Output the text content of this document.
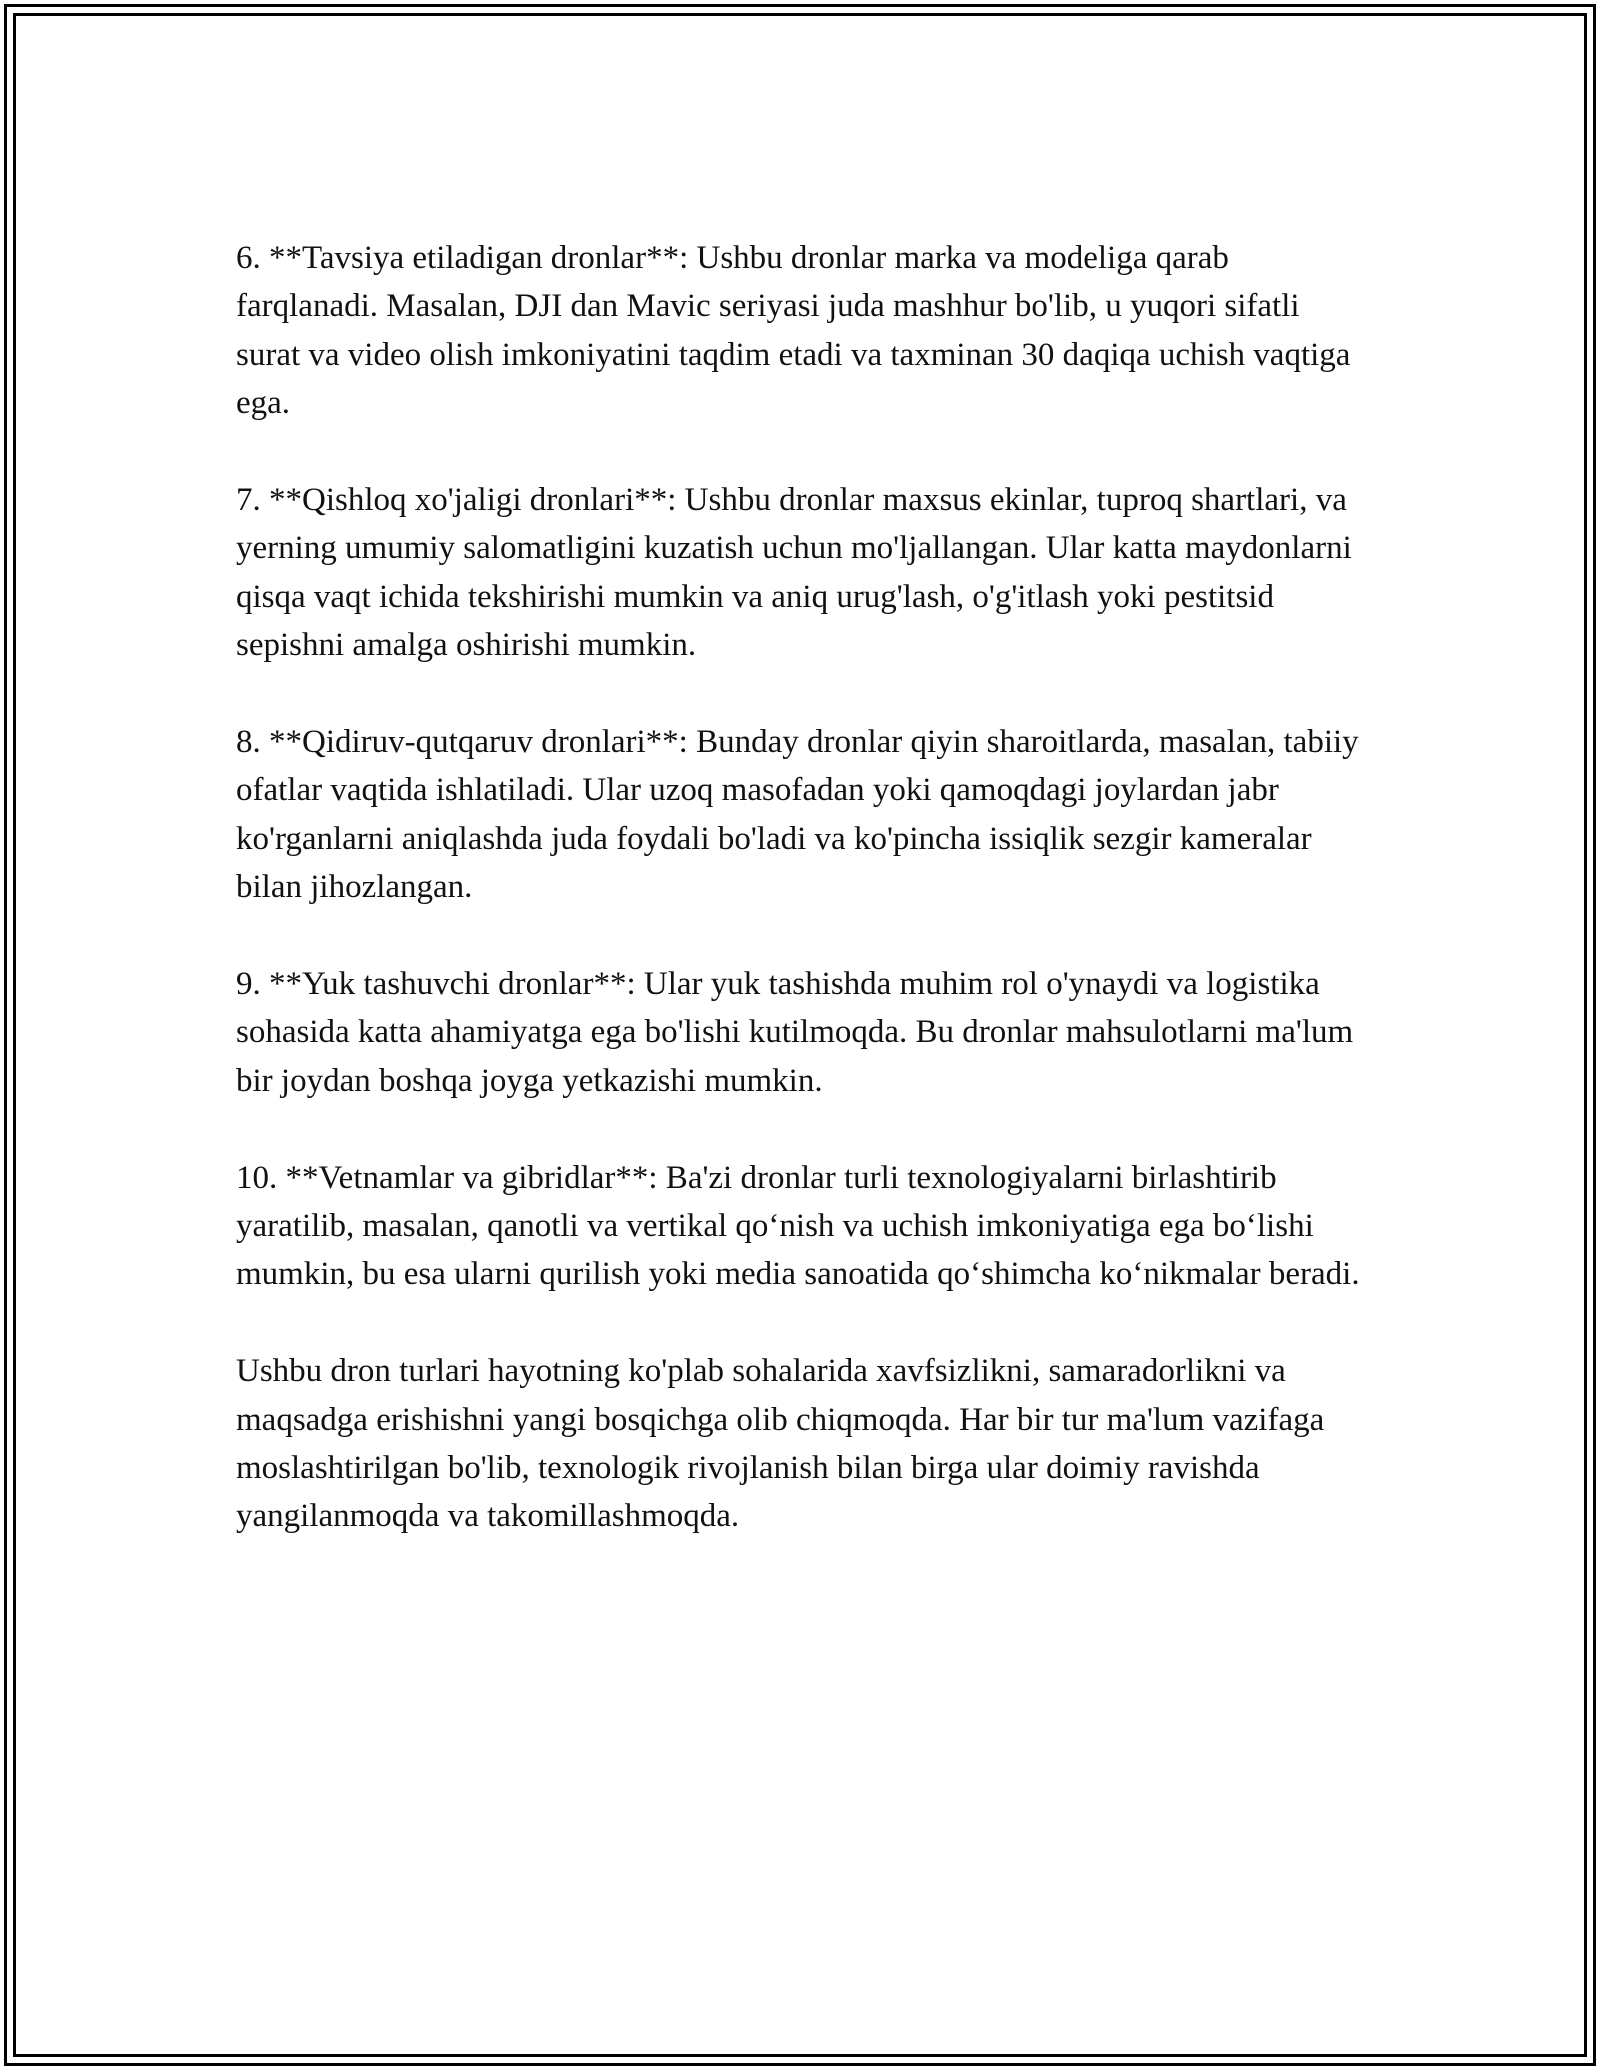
6. **Tavsiya etiladigan dronlar**: Ushbu dronlar marka va modeliga qarab farqlanadi. Masalan, DJI dan Mavic seriyasi juda mashhur bo'lib, u yuqori sifatli surat va video olish imkoniyatini taqdim etadi va taxminan 30 daqiqa uchish vaqtiga ega.

7. **Qishloq xo'jaligi dronlari**: Ushbu dronlar maxsus ekinlar, tuproq shartlari, va yerning umumiy salomatligini kuzatish uchun mo'ljallangan. Ular katta maydonlarni qisqa vaqt ichida tekshirishi mumkin va aniq urug'lash, o'g'itlash yoki pestitsid sepishni amalga oshirishi mumkin.

8. **Qidiruv-qutqaruv dronlari**: Bunday dronlar qiyin sharoitlarda, masalan, tabiiy ofatlar vaqtida ishlatiladi. Ular uzoq masofadan yoki qamoqdagi joylardan jabr ko'rganlarni aniqlashda juda foydali bo'ladi va ko'pincha issiqlik sezgir kameralar bilan jihozlangan.

9. **Yuk tashuvchi dronlar**: Ular yuk tashishda muhim rol o'ynaydi va logistika sohasida katta ahamiyatga ega bo'lishi kutilmoqda. Bu dronlar mahsulotlarni ma'lum bir joydan boshqa joyga yetkazishi mumkin.

10. **Vetnamlar va gibridlar**: Ba'zi dronlar turli texnologiyalarni birlashtirib yaratilib, masalan, qanotli va vertikal qo‘nish va uchish imkoniyatiga ega bo‘lishi mumkin, bu esa ularni qurilish yoki media sanoatida qo‘shimcha ko‘nikmalar beradi.

Ushbu dron turlari hayotning ko'plab sohalarida xavfsizlikni, samaradorlikni va maqsadga erishishni yangi bosqichga olib chiqmoqda. Har bir tur ma'lum vazifaga moslashtirilgan bo'lib, texnologik rivojlanish bilan birga ular doimiy ravishda yangilanmoqda va takomillashmoqda.
